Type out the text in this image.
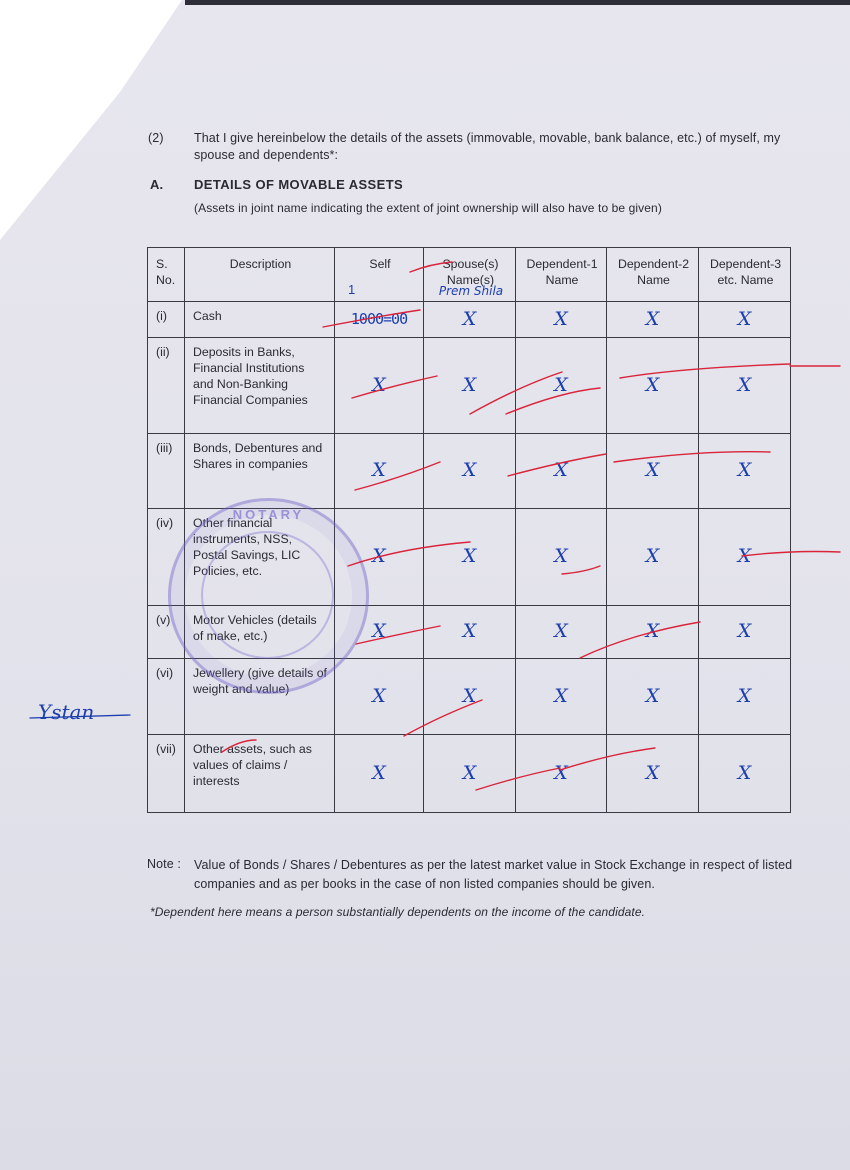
(2) That I give hereinbelow the details of the assets (immovable, movable, bank balance, etc.) of myself, my spouse and dependents*:
A. DETAILS OF MOVABLE ASSETS
(Assets in joint name indicating the extent of joint ownership will also have to be given)
S. No.	Description	Self	Spouse(s) Name(s)	Dependent-1 Name	Dependent-2 Name	Dependent-3 etc. Name
(i)	Cash	1000=00	X	X	X	X

(ii)	Deposits in Banks, Financial Institutions and Non-Banking Financial Companies	X	X	X	X	X

(iii)	Bonds, Debentures and Shares in companies	X	X	X	X	X

(iv)	Other financial instruments, NSS, Postal Savings, LIC Policies, etc.	X	X	X	X	X

(v)	Motor Vehicles (details of make, etc.)	X	X	X	X	X

(vi)	Jewellery (give details of weight and value)	X	X	X	X	X

(vii)	Other assets, such as values of claims / interests	X	X	X	X	X
1	Prem Shila
NOTARY
Ystan
Note : Value of Bonds / Shares / Debentures as per the latest market value in Stock Exchange in respect of listed companies and as per books in the case of non listed companies should be given.
*Dependent here means a person substantially dependents on the income of the candidate.
